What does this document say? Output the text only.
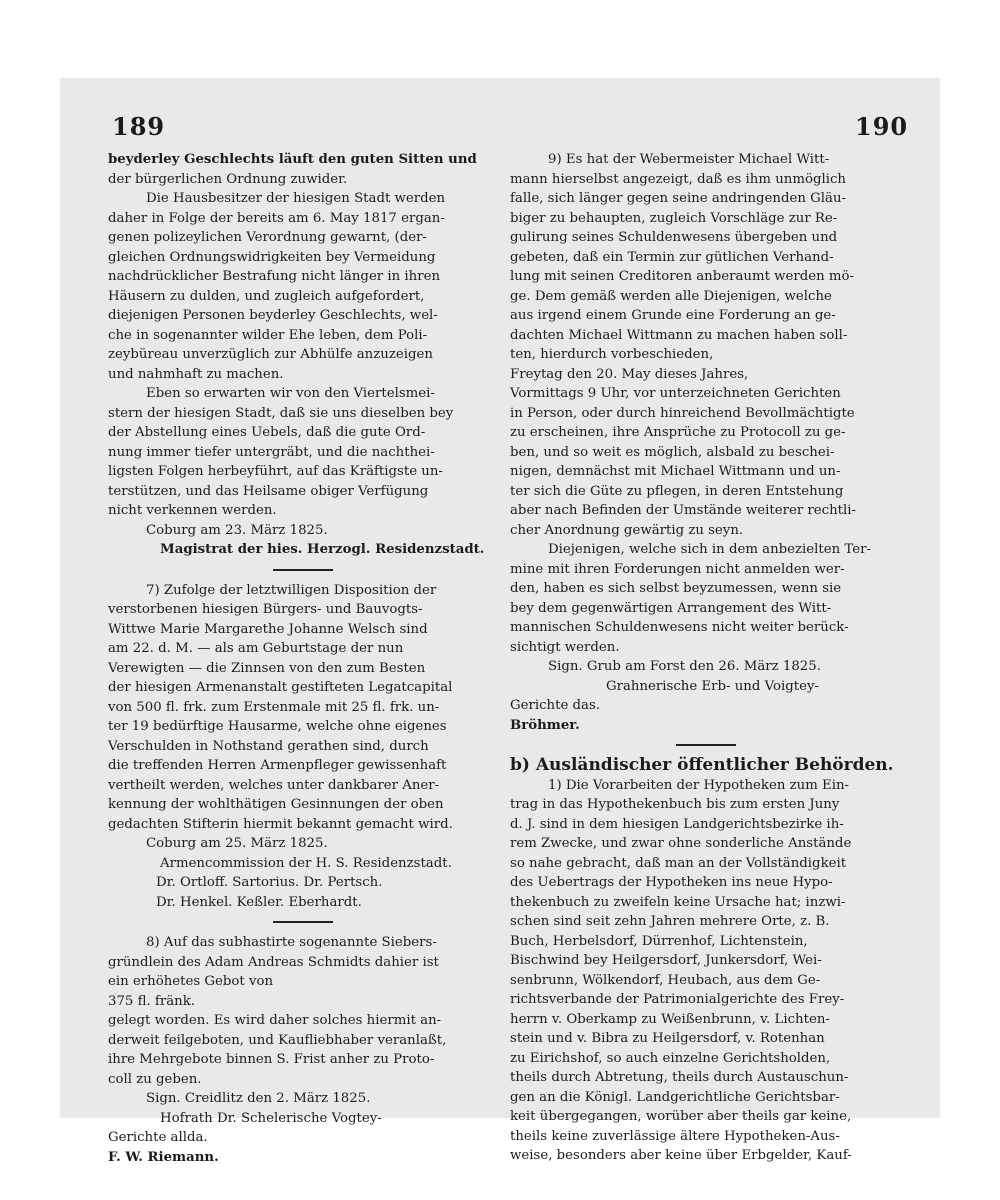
189	190

beyderley Geschlechts läuft den guten Sitten und

der bürgerlichen Ordnung zuwider.

Die Hausbesitzer der hiesigen Stadt werden

daher in Folge der bereits am 6. May 1817 ergan-

genen polizeylichen Verordnung gewarnt, (der-

gleichen Ordnungswidrigkeiten bey Vermeidung

nachdrücklicher Bestrafung nicht länger in ihren

Häusern zu dulden, und zugleich aufgefordert,

diejenigen Personen beyderley Geschlechts, wel-

che in sogenannter wilder Ehe leben, dem Poli-

zeybüreau unverzüglich zur Abhülfe anzuzeigen

und nahmhaft zu machen.

Eben so erwarten wir von den Viertelsmei-

stern der hiesigen Stadt, daß sie uns dieselben bey

der Abstellung eines Uebels, daß die gute Ord-

nung immer tiefer untergräbt, und die nachthei-

ligsten Folgen herbeyführt, auf das Kräftigste un-

terstützen, und das Heilsame obiger Verfügung

nicht verkennen werden.

Coburg am 23. März 1825.

Magistrat der hies. Herzogl. Residenzstadt.

7) Zufolge der letztwilligen Disposition der

verstorbenen hiesigen Bürgers- und Bauvogts-

Wittwe Marie Margarethe Johanne Welsch sind

am 22. d. M. — als am Geburtstage der nun

Verewigten — die Zinnsen von den zum Besten

der hiesigen Armenanstalt gestifteten Legatcapital

von 500 fl. frk. zum Erstenmale mit 25 fl. frk. un-

ter 19 bedürftige Hausarme, welche ohne eigenes

Verschulden in Nothstand gerathen sind, durch

die treffenden Herren Armenpfleger gewissenhaft

vertheilt werden, welches unter dankbarer Aner-

kennung der wohlthätigen Gesinnungen der oben

gedachten Stifterin hiermit bekannt gemacht wird.

Coburg am 25. März 1825.

Armencommission der H. S. Residenzstadt.

Dr. Ortloff. Sartorius. Dr. Pertsch.

Dr. Henkel. Keßler. Eberhardt.

8) Auf das subhastirte sogenannte Siebers-

gründlein des Adam Andreas Schmidts dahier ist

ein erhöhetes Gebot von

375 fl. fränk.

gelegt worden. Es wird daher solches hiermit an-

derweit feilgeboten, und Kaufliebhaber veranlaßt,

ihre Mehrgebote binnen S. Frist anher zu Proto-

coll zu geben.

Sign. Creidlitz den 2. März 1825.

Hofrath Dr. Schelerische Vogtey-

Gerichte allda.

F. W. Riemann.

9) Es hat der Webermeister Michael Witt-

mann hierselbst angezeigt, daß es ihm unmöglich

falle, sich länger gegen seine andringenden Gläu-

biger zu behaupten, zugleich Vorschläge zur Re-

gulirung seines Schuldenwesens übergeben und

gebeten, daß ein Termin zur gütlichen Verhand-

lung mit seinen Creditoren anberaumt werden mö-

ge. Dem gemäß werden alle Diejenigen, welche

aus irgend einem Grunde eine Forderung an ge-

dachten Michael Wittmann zu machen haben soll-

ten, hierdurch vorbeschieden,

Freytag den 20. May dieses Jahres,

Vormittags 9 Uhr, vor unterzeichneten Gerichten

in Person, oder durch hinreichend Bevollmächtigte

zu erscheinen, ihre Ansprüche zu Protocoll zu ge-

ben, und so weit es möglich, alsbald zu beschei-

nigen, demnächst mit Michael Wittmann und un-

ter sich die Güte zu pflegen, in deren Entstehung

aber nach Befinden der Umstände weiterer rechtli-

cher Anordnung gewärtig zu seyn.

Diejenigen, welche sich in dem anbezielten Ter-

mine mit ihren Forderungen nicht anmelden wer-

den, haben es sich selbst beyzumessen, wenn sie

bey dem gegenwärtigen Arrangement des Witt-

mannischen Schuldenwesens nicht weiter berück-

sichtigt werden.

Sign. Grub am Forst den 26. März 1825.

Grahnerische Erb- und Voigtey-

Gerichte das.

Bröhmer.

b) Ausländischer öffentlicher Behörden.

1) Die Vorarbeiten der Hypotheken zum Ein-

trag in das Hypothekenbuch bis zum ersten Juny

d. J. sind in dem hiesigen Landgerichtsbezirke ih-

rem Zwecke, und zwar ohne sonderliche Anstände

so nahe gebracht, daß man an der Vollständigkeit

des Uebertrags der Hypotheken ins neue Hypo-

thekenbuch zu zweifeln keine Ursache hat; inzwi-

schen sind seit zehn Jahren mehrere Orte, z. B.

Buch, Herbelsdorf, Dürrenhof, Lichtenstein,

Bischwind bey Heilgersdorf, Junkersdorf, Wei-

senbrunn, Wölkendorf, Heubach, aus dem Ge-

richtsverbande der Patrimonialgerichte des Frey-

herrn v. Oberkamp zu Weißenbrunn, v. Lichten-

stein und v. Bibra zu Heilgersdorf, v. Rotenhan

zu Eirichshof, so auch einzelne Gerichtsholden,

theils durch Abtretung, theils durch Austauschun-

gen an die Königl. Landgerichtliche Gerichtsbar-

keit übergegangen, worüber aber theils gar keine,

theils keine zuverlässige ältere Hypotheken-Aus-

weise, besonders aber keine über Erbgelder, Kauf-
